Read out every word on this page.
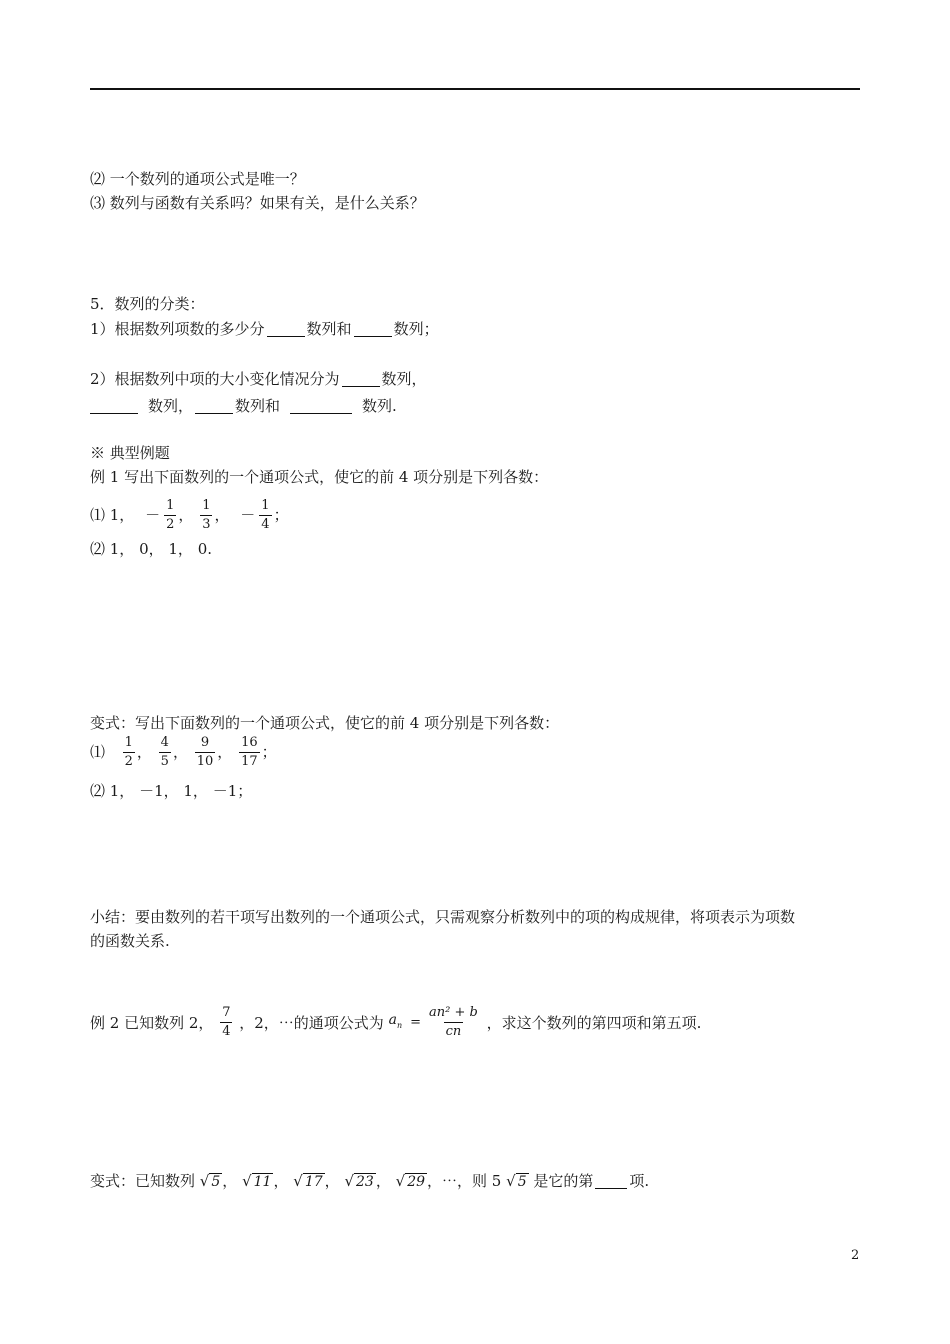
⑵ 一个数列的通项公式是唯一？
⑶ 数列与函数有关系吗？如果有关，是什么关系？
5．数列的分类：
1）根据数列项数的多少分	数列和	数列；
2）根据数列中项的大小变化情况分为	数列，
数列，	数列和	数列.
※ 典型例题
例 1 写出下面数列的一个通项公式，使它的前 4 项分别是下列各数：
⑴ 1， － $\frac{1}{2}$ ， $\frac{1}{3}$ ， － $\frac{1}{4}$ ；
⑵ 1， 0， 1， 0.
变式：写出下面数列的一个通项公式，使它的前 4 项分别是下列各数：
⑴ $\frac{1}{2}$ ， $\frac{4}{5}$ ， $\frac{9}{10}$ ， $\frac{16}{17}$ ；
⑵ 1， －1， 1， －1；
小结：要由数列的若干项写出数列的一个通项公式，只需观察分析数列中的项的构成规律，将项表示为项数
的函数关系.
例 2 已知数列 2， $\frac{7}{4}$ ，2，⋯的通项公式为 $a_n = \frac{\text{an² + b}}{cn}$ ，求这个数列的第四项和第五项.
变式：已知数列 √ 5 ， √ 11 ， √ 17 ， √ 23 ， √ 29 ，⋯，则 5 √ 5 是它的第 项.
2
